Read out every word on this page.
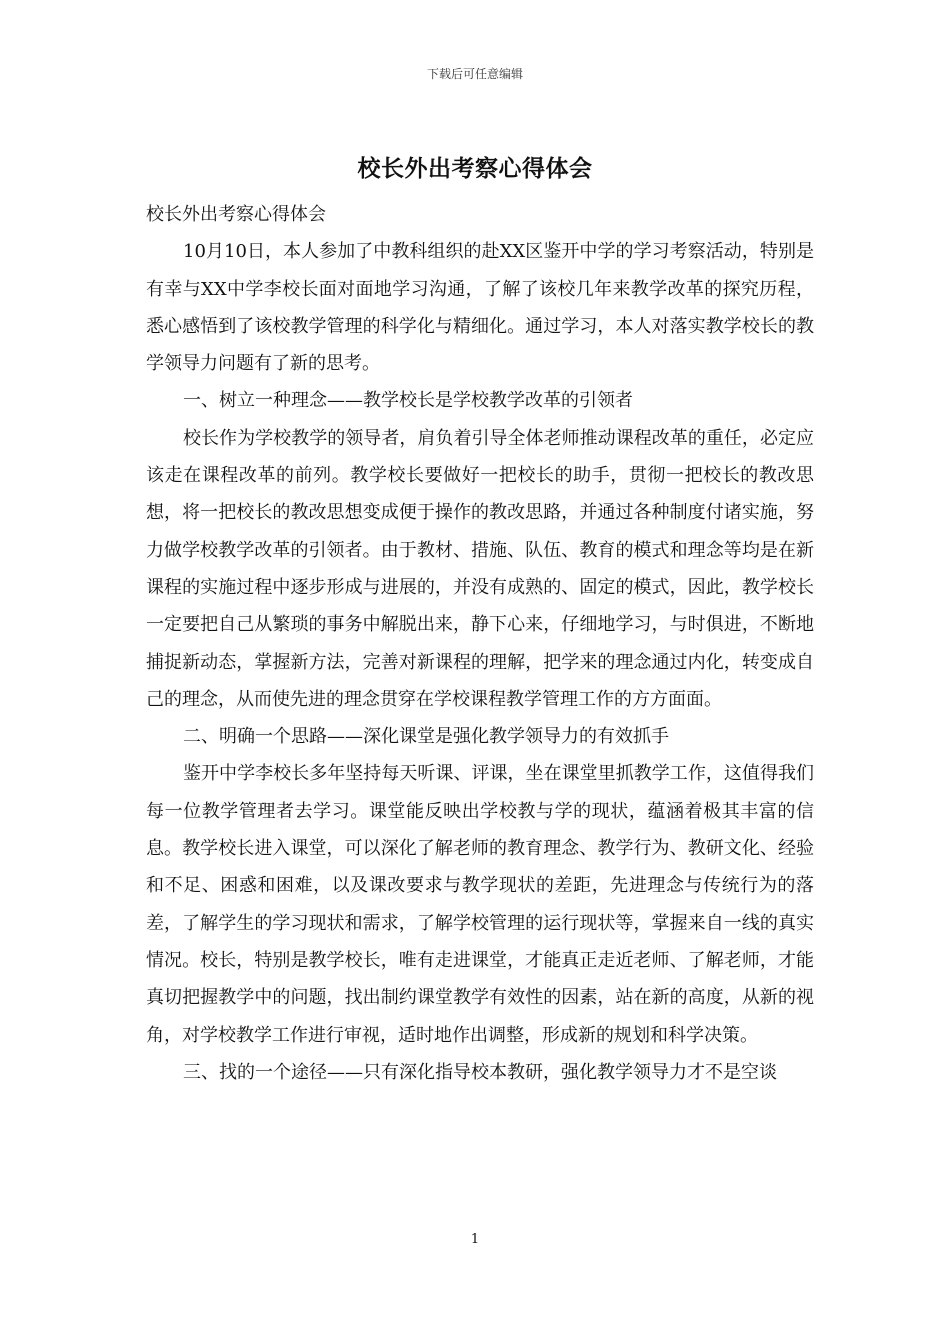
下载后可任意编辑
校长外出考察心得体会

校长外出考察心得体会

10月10日，本人参加了中教科组织的赴XX区鉴开中学的学习考察活动，特别是有幸与XX中学李校长面对面地学习沟通，了解了该校几年来教学改革的探究历程，悉心感悟到了该校教学管理的科学化与精细化。通过学习，本人对落实教学校长的教学领导力问题有了新的思考。

一、树立一种理念——教学校长是学校教学改革的引领者

校长作为学校教学的领导者，肩负着引导全体老师推动课程改革的重任，必定应该走在课程改革的前列。教学校长要做好一把校长的助手，贯彻一把校长的教改思想，将一把校长的教改思想变成便于操作的教改思路，并通过各种制度付诸实施，努力做学校教学改革的引领者。由于教材、措施、队伍、教育的模式和理念等均是在新课程的实施过程中逐步形成与进展的，并没有成熟的、固定的模式，因此，教学校长一定要把自己从繁琐的事务中解脱出来，静下心来，仔细地学习，与时俱进，不断地捕捉新动态，掌握新方法，完善对新课程的理解，把学来的理念通过内化，转变成自己的理念，从而使先进的理念贯穿在学校课程教学管理工作的方方面面。

二、明确一个思路——深化课堂是强化教学领导力的有效抓手

鉴开中学李校长多年坚持每天听课、评课，坐在课堂里抓教学工作，这值得我们每一位教学管理者去学习。课堂能反映出学校教与学的现状，蕴涵着极其丰富的信息。教学校长进入课堂，可以深化了解老师的教育理念、教学行为、教研文化、经验和不足、困惑和困难，以及课改要求与教学现状的差距，先进理念与传统行为的落差，了解学生的学习现状和需求，了解学校管理的运行现状等，掌握来自一线的真实情况。校长，特别是教学校长，唯有走进课堂，才能真正走近老师、了解老师，才能真切把握教学中的问题，找出制约课堂教学有效性的因素，站在新的高度，从新的视角，对学校教学工作进行审视，适时地作出调整，形成新的规划和科学决策。

三、找的一个途径——只有深化指导校本教研，强化教学领导力才不是空谈

1
